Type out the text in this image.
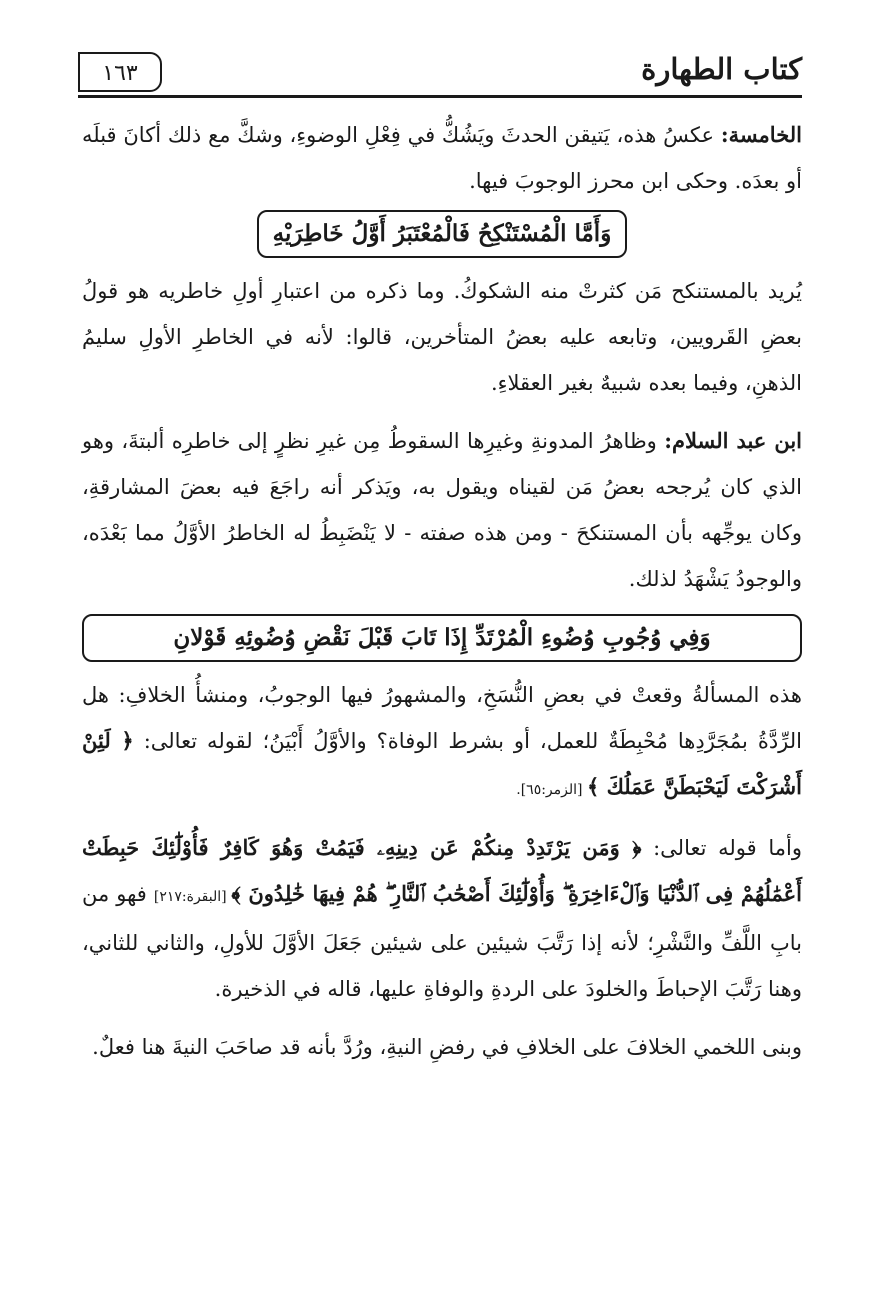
كتاب الطهارة
١٦٣

الخامسة: عكسُ هذه، يَتيقن الحدثَ ويَشُكُّ في فِعْلِ الوضوءِ، وشكَّ مع ذلك أكانَ قبلَه أو بعدَه. وحكى ابن محرز الوجوبَ فيها.

وَأَمَّا الْمُسْتَنْكِحُ فَالْمُعْتَبَرُ أَوَّلُ خَاطِرَيْهِ

يُريد بالمستنكح مَن كثرتْ منه الشكوكُ. وما ذكره من اعتبارِ أولِ خاطريه هو قولُ بعضِ القَرويين، وتابعه عليه بعضُ المتأخرين، قالوا: لأنه في الخاطرِ الأولِ سليمُ الذهنِ، وفيما بعده شبيهٌ بغير العقلاءِ.

ابن عبد السلام: وظاهرُ المدونةِ وغيرِها السقوطُ مِن غيرِ نظرٍ إلى خاطرِه ألبتةَ، وهو الذي كان يُرجحه بعضُ مَن لقيناه ويقول به، ويَذكر أنه راجَعَ فيه بعضَ المشارقةِ، وكان يوجِّهه بأن المستنكحَ - ومن هذه صفته - لا يَنْضَبِطُ له الخاطرُ الأوَّلُ مما بَعْدَه، والوجودُ يَشْهَدُ لذلك.

وَفِي وُجُوبِ وُضُوءِ الْمُرْتَدِّ إِذَا تَابَ قَبْلَ نَقْضِ وُضُوئِهِ قَوْلانِ

هذه المسألةُ وقعتْ في بعضِ النُّسَخِ، والمشهورُ فيها الوجوبُ، ومنشأُ الخلافِ: هل الرِّدَّةُ بمُجَرَّدِها مُحْبِطَةٌ للعمل، أو بشرط الوفاة؟ والأوَّلُ أَبْيَنُ؛ لقوله تعالى: ﴿ لَئِنْ أَشْرَكْتَ لَيَحْبَطَنَّ عَمَلُكَ ﴾ [الزمر:٦٥].

وأما قوله تعالى: ﴿ وَمَن يَرْتَدِدْ مِنكُمْ عَن دِينِهِۦ فَيَمُتْ وَهُوَ كَافِرٌ فَأُوْلَٰٓئِكَ حَبِطَتْ أَعْمَٰلُهُمْ فِى ٱلدُّنْيَا وَٱلْءَاخِرَةِ ۖ وَأُوْلَٰٓئِكَ أَصْحَٰبُ ٱلنَّارِ ۖ هُمْ فِيهَا خَٰلِدُونَ ﴾ [البقرة:٢١٧] فهو من بابِ اللَّفِّ والنَّشْرِ؛ لأنه إذا رَتَّبَ شيئين على شيئين جَعَلَ الأوَّلَ للأولِ، والثاني للثاني، وهنا رَتَّبَ الإحباطَ والخلودَ على الردةِ والوفاةِ عليها، قاله في الذخيرة.

وبنى اللخمي الخلافَ على الخلافِ في رفضِ النيةِ، ورُدَّ بأنه قد صاحَبَ النيةَ هنا فعلٌ.
